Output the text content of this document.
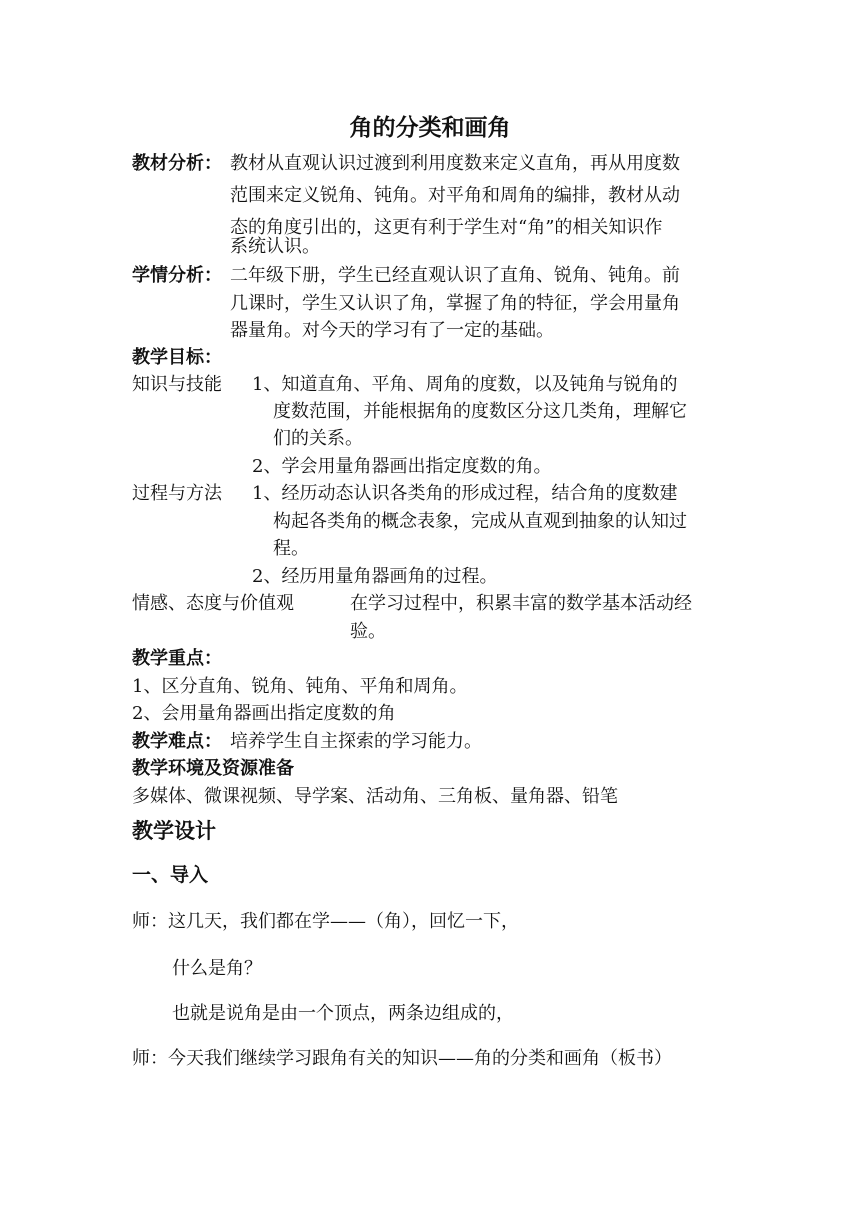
角的分类和画角
教材分析： 教材从直观认识过渡到利用度数来定义直角，再从用度数
范围来定义锐角、钝角。对平角和周角的编排，教材从动
态的角度引出的，这更有利于学生对“角”的相关知识作
系统认识。
学情分析： 二年级下册，学生已经直观认识了直角、锐角、钝角。前
几课时，学生又认识了角，掌握了角的特征，学会用量角
器量角。对今天的学习有了一定的基础。
教学目标：
知识与技能 1、知道直角、平角、周角的度数，以及钝角与锐角的
度数范围，并能根据角的度数区分这几类角，理解它
们的关系。
2、学会用量角器画出指定度数的角。
过程与方法 1、经历动态认识各类角的形成过程，结合角的度数建
构起各类角的概念表象，完成从直观到抽象的认知过
程。
2、经历用量角器画角的过程。
情感、态度与价值观	在学习过程中，积累丰富的数学基本活动经
验。
教学重点：
1、区分直角、锐角、钝角、平角和周角。
2、会用量角器画出指定度数的角
教学难点： 培养学生自主探索的学习能力。
教学环境及资源准备
多媒体、微课视频、导学案、活动角、三角板、量角器、铅笔
教学设计
一、导入
师：这几天，我们都在学——（角），回忆一下，
什么是角？
也就是说角是由一个顶点，两条边组成的，
师：今天我们继续学习跟角有关的知识——角的分类和画角（板书）
